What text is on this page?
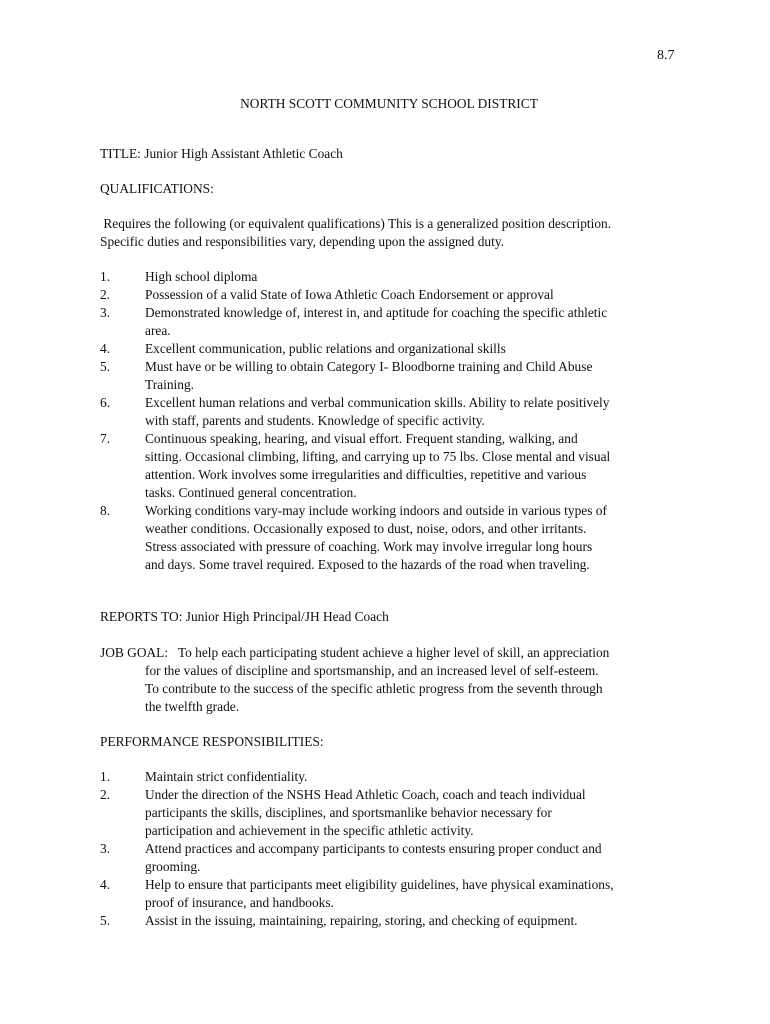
8.7
NORTH SCOTT COMMUNITY SCHOOL DISTRICT
TITLE: Junior High Assistant Athletic Coach
QUALIFICATIONS:
Requires the following (or equivalent qualifications) This is a generalized position description.
Specific duties and responsibilities vary, depending upon the assigned duty.
1.	High school diploma
2.	Possession of a valid State of Iowa Athletic Coach Endorsement or approval
3.	Demonstrated knowledge of, interest in, and aptitude for coaching the specific athletic
area.
4.	Excellent communication, public relations and organizational skills
5.	Must have or be willing to obtain Category I- Bloodborne training and Child Abuse
Training.
6.	Excellent human relations and verbal communication skills. Ability to relate positively
with staff, parents and students. Knowledge of specific activity.
7.	Continuous speaking, hearing, and visual effort. Frequent standing, walking, and
sitting. Occasional climbing, lifting, and carrying up to 75 lbs. Close mental and visual
attention. Work involves some irregularities and difficulties, repetitive and various
tasks. Continued general concentration.
8.	Working conditions vary-may include working indoors and outside in various types of
weather conditions. Occasionally exposed to dust, noise, odors, and other irritants.
Stress associated with pressure of coaching. Work may involve irregular long hours
and days. Some travel required. Exposed to the hazards of the road when traveling.
REPORTS TO: Junior High Principal/JH Head Coach
JOB GOAL:   To help each participating student achieve a higher level of skill, an appreciation
for the values of discipline and sportsmanship, and an increased level of self-esteem.
To contribute to the success of the specific athletic progress from the seventh through
the twelfth grade.
PERFORMANCE RESPONSIBILITIES:
1.	Maintain strict confidentiality.
2.	Under the direction of the NSHS Head Athletic Coach, coach and teach individual
participants the skills, disciplines, and sportsmanlike behavior necessary for
participation and achievement in the specific athletic activity.
3.	Attend practices and accompany participants to contests ensuring proper conduct and
grooming.
4.	Help to ensure that participants meet eligibility guidelines, have physical examinations,
proof of insurance, and handbooks.
5.	Assist in the issuing, maintaining, repairing, storing, and checking of equipment.
